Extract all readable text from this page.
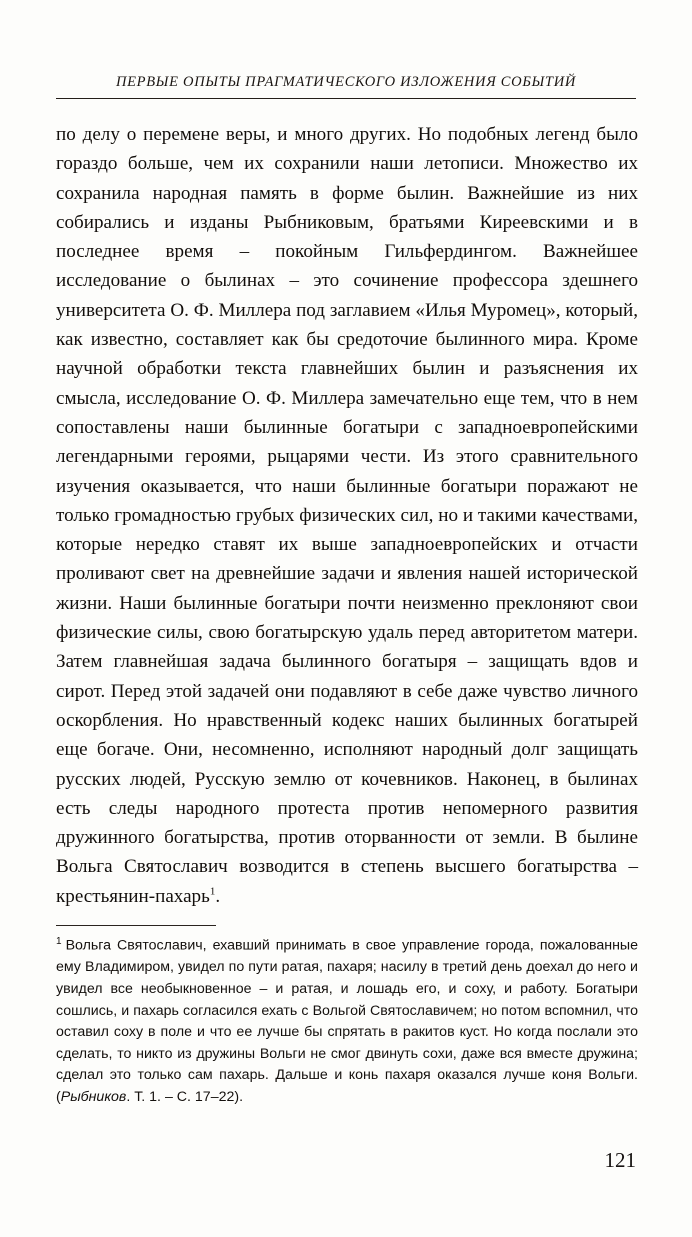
ПЕРВЫЕ ОПЫТЫ ПРАГМАТИЧЕСКОГО ИЗЛОЖЕНИЯ СОБЫТИЙ
по делу о перемене веры, и много других. Но подобных легенд было гораздо больше, чем их сохранили наши летописи. Множество их сохранила народная память в форме былин. Важнейшие из них собирались и изданы Рыбниковым, братьями Киреевскими и в последнее время – покойным Гильфердингом. Важнейшее исследование о былинах – это сочинение профессора здешнего университета О. Ф. Миллера под заглавием «Илья Муромец», который, как известно, составляет как бы средоточие былинного мира. Кроме научной обработки текста главнейших былин и разъяснения их смысла, исследование О. Ф. Миллера замечательно еще тем, что в нем сопоставлены наши былинные богатыри с западноевропейскими легендарными героями, рыцарями чести. Из этого сравнительного изучения оказывается, что наши былинные богатыри поражают не только громадностью грубых физических сил, но и такими качествами, которые нередко ставят их выше западноевропейских и отчасти проливают свет на древнейшие задачи и явления нашей исторической жизни. Наши былинные богатыри почти неизменно преклоняют свои физические силы, свою богатырскую удаль перед авторитетом матери. Затем главнейшая задача былинного богатыря – защищать вдов и сирот. Перед этой задачей они подавляют в себе даже чувство личного оскорбления. Но нравственный кодекс наших былинных богатырей еще богаче. Они, несомненно, исполняют народный долг защищать русских людей, Русскую землю от кочевников. Наконец, в былинах есть следы народного протеста против непомерного развития дружинного богатырства, против оторванности от земли. В былине Вольга Святославич возводится в степень высшего богатырства – крестьянин-пахарь$^1$.
$^1$ Вольга Святославич, ехавший принимать в свое управление города, пожалованные ему Владимиром, увидел по пути ратая, пахаря; насилу в третий день доехал до него и увидел все необыкновенное – и ратая, и лошадь его, и соху, и работу. Богатыри сошлись, и пахарь согласился ехать с Вольгой Святославичем; но потом вспомнил, что оставил соху в поле и что ее лучше бы спрятать в ракитов куст. Но когда послали это сделать, то никто из дружины Вольги не смог двинуть сохи, даже вся вместе дружина; сделал это только сам пахарь. Дальше и конь пахаря оказался лучше коня Вольги. (Рыбников. Т. 1. – С. 17–22).
121
